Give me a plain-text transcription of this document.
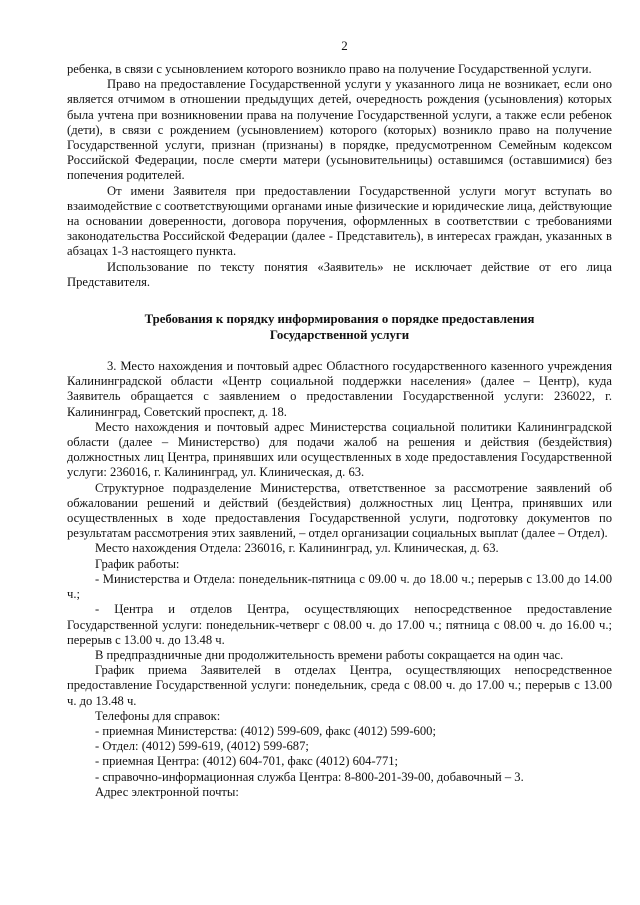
2

ребенка, в связи с усыновлением которого возникло право на получение Государственной услуги.

Право на предоставление Государственной услуги у указанного лица не возникает, если оно является отчимом в отношении предыдущих детей, очередность рождения (усыновления) которых была учтена при возникновении права на получение Государственной услуги, а также если ребенок (дети), в связи с рождением (усыновлением) которого (которых) возникло право на получение Государственной услуги, признан (признаны) в порядке, предусмотренном Семейным кодексом Российской Федерации, после смерти матери (усыновительницы) оставшимся (оставшимися) без попечения родителей.

От имени Заявителя при предоставлении Государственной услуги могут вступать во взаимодействие с соответствующими органами иные физические и юридические лица, действующие на основании доверенности, договора поручения, оформленных в соответствии с требованиями законодательства Российской Федерации (далее - Представитель), в интересах граждан, указанных в абзацах 1-3 настоящего пункта.

Использование по тексту понятия «Заявитель» не исключает действие от его лица Представителя.

Требования к порядку информирования о порядке предоставления
Государственной услуги

3. Место нахождения и почтовый адрес Областного государственного казенного учреждения Калининградской области «Центр социальной поддержки населения» (далее – Центр), куда Заявитель обращается с заявлением о предоставлении Государственной услуги: 236022, г. Калининград, Советский проспект, д. 18.

Место нахождения и почтовый адрес Министерства социальной политики Калининградской области (далее – Министерство) для подачи жалоб на решения и действия (бездействия) должностных лиц Центра, принявших или осуществленных в ходе предоставления Государственной услуги: 236016, г. Калининград, ул. Клиническая, д. 63.

Структурное подразделение Министерства, ответственное за рассмотрение заявлений об обжаловании решений и действий (бездействия) должностных лиц Центра, принявших или осуществленных в ходе предоставления Государственной услуги, подготовку документов по результатам рассмотрения этих заявлений, – отдел организации социальных выплат (далее – Отдел).

Место нахождения Отдела: 236016, г. Калининград, ул. Клиническая, д. 63.

График работы:

- Министерства и Отдела: понедельник-пятница с 09.00 ч. до 18.00 ч.; перерыв с 13.00 до 14.00 ч.;

- Центра и отделов Центра, осуществляющих непосредственное предоставление Государственной услуги: понедельник-четверг с 08.00 ч. до 17.00 ч.; пятница с 08.00 ч. до 16.00 ч.; перерыв с 13.00 ч. до 13.48 ч.

В предпраздничные дни продолжительность времени работы сокращается на один час.

График приема Заявителей в отделах Центра, осуществляющих непосредственное предоставление Государственной услуги: понедельник, среда с 08.00 ч. до 17.00 ч.; перерыв с 13.00 ч. до 13.48 ч.

Телефоны для справок:

- приемная Министерства: (4012) 599-609, факс (4012) 599-600;

- Отдел: (4012) 599-619, (4012) 599-687;

- приемная Центра: (4012) 604-701, факс (4012) 604-771;

- справочно-информационная служба Центра: 8-800-201-39-00, добавочный – 3.

Адрес электронной почты:
